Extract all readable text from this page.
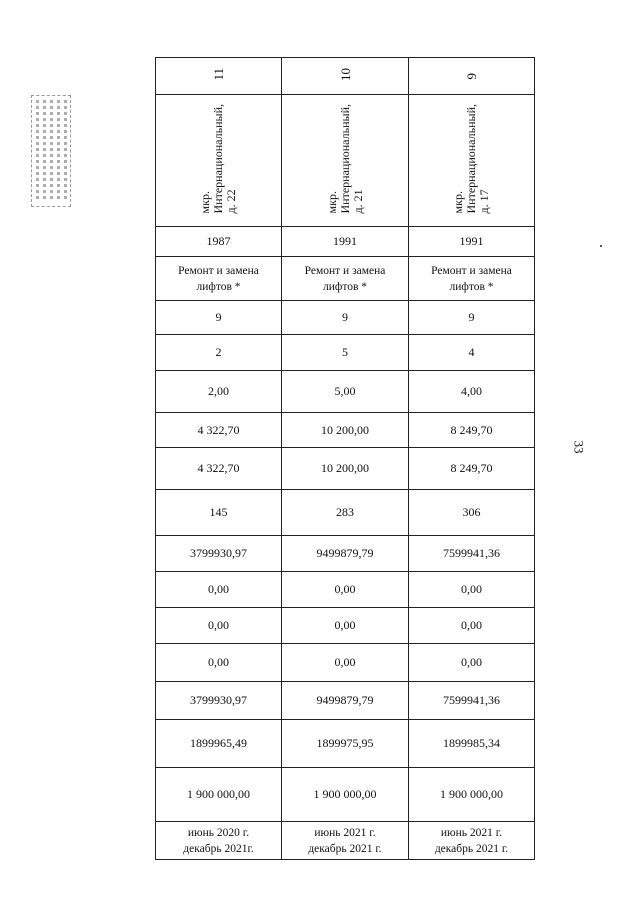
11	10	9
мкр.
Интернациональный,
д. 22	мкр.
Интернациональный,
д. 21	мкр.
Интернациональный,
д. 17
1987	1991	1991
Ремонт и замена
лифтов *	Ремонт и замена
лифтов *	Ремонт и замена
лифтов *
9	9	9
2	5	4
2,00	5,00	4,00
4 322,70	10 200,00	8 249,70
4 322,70	10 200,00	8 249,70
145	283	306
3799930,97	9499879,79	7599941,36
0,00	0,00	0,00
0,00	0,00	0,00
0,00	0,00	0,00
3799930,97	9499879,79	7599941,36
1899965,49	1899975,95	1899985,34
1 900 000,00	1 900 000,00	1 900 000,00
июнь 2020 г.
декабрь 2021г.	июнь 2021 г.
декабрь 2021 г.	июнь 2021 г.
декабрь 2021 г.
33
